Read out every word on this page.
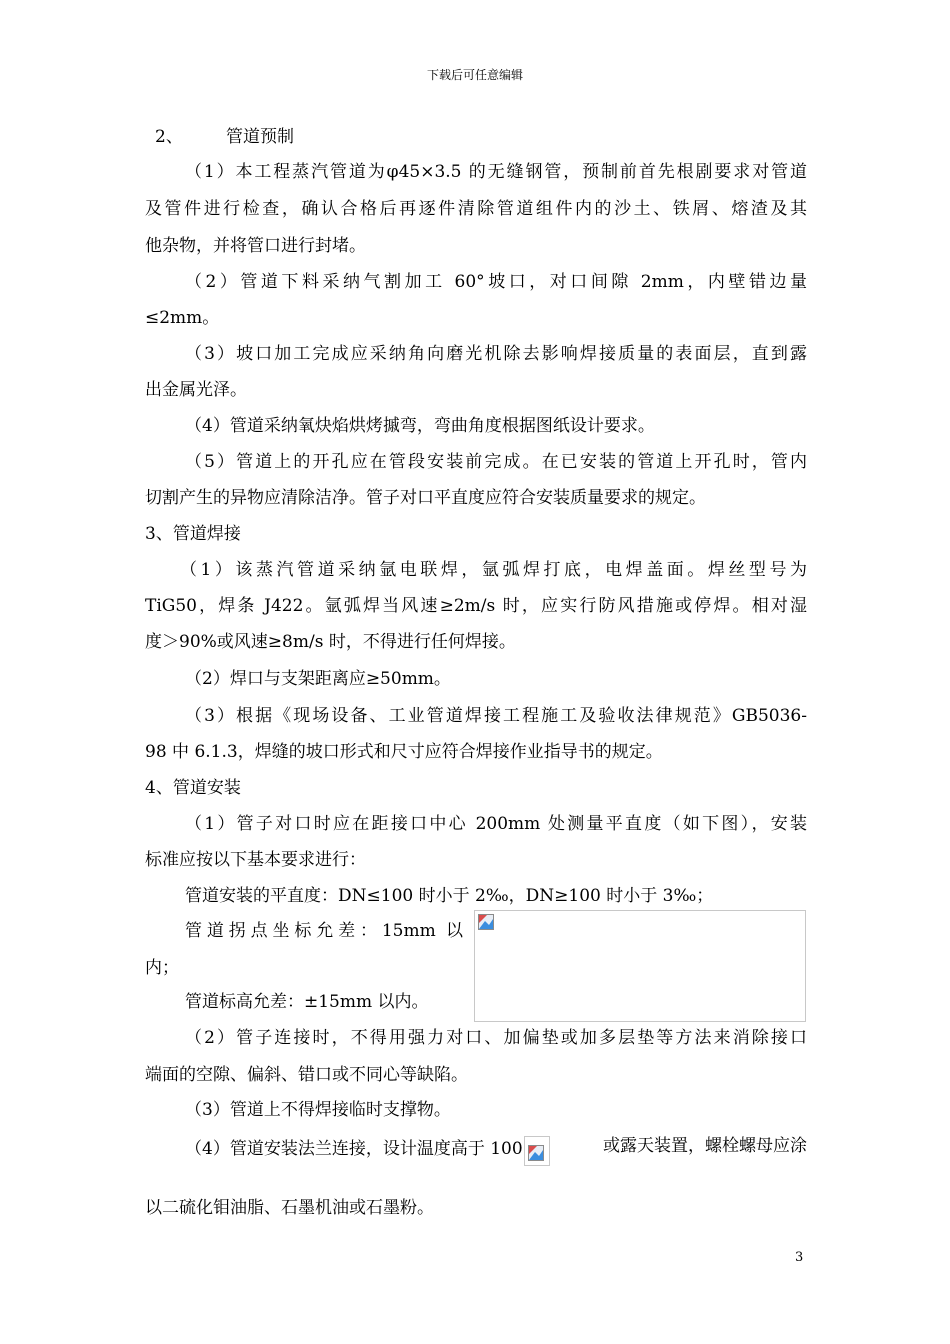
下载后可任意编辑
2、        管道预制
（1）本工程蒸汽管道为φ45×3.5 的无缝钢管，预制前首先根剧要求对管道
及管件进行检查，确认合格后再逐件清除管道组件内的沙土、铁屑、熔渣及其
他杂物，并将管口进行封堵。
（2）管道下料采纳气割加工 60°坡口，对口间隙 2mm，内壁错边量
≤2mm。
（3）坡口加工完成应采纳角向磨光机除去影响焊接质量的表面层，直到露
出金属光泽。
（4）管道采纳氧炔焰烘烤摵弯，弯曲角度根据图纸设计要求。
（5）管道上的开孔应在管段安装前完成。在已安装的管道上开孔时，管内
切割产生的异物应清除洁净。管子对口平直度应符合安装质量要求的规定。
3、管道焊接
（1）该蒸汽管道采纳氩电联焊，氩弧焊打底，电焊盖面。焊丝型号为
TiG50，焊条 J422。氩弧焊当风速≥2m/s 时，应实行防风措施或停焊。相对湿
度＞90%或风速≥8m/s 时，不得进行任何焊接。
（2）焊口与支架距离应≥50mm。
（3）根据《现场设备、工业管道焊接工程施工及验收法律规范》GB5036-
98 中 6.1.3，焊缝的坡口形式和尺寸应符合焊接作业指导书的规定。
4、管道安装
（1）管子对口时应在距接口中心 200mm 处测量平直度（如下图），安装
标准应按以下基本要求进行：
管道安装的平直度：DN≤100 时小于 2‰，DN≥100 时小于 3‰；
管道拐点坐标允差：15mm 以
内；
管道标高允差：±15mm 以内。
（2）管子连接时，不得用强力对口、加偏垫或加多层垫等方法来消除接口
端面的空隙、偏斜、错口或不同心等缺陷。
（3）管道上不得焊接临时支撑物。
（4）管道安装法兰连接，设计温度高于 100	或露天装置，螺栓螺母应涂
以二硫化钼油脂、石墨机油或石墨粉。
3
